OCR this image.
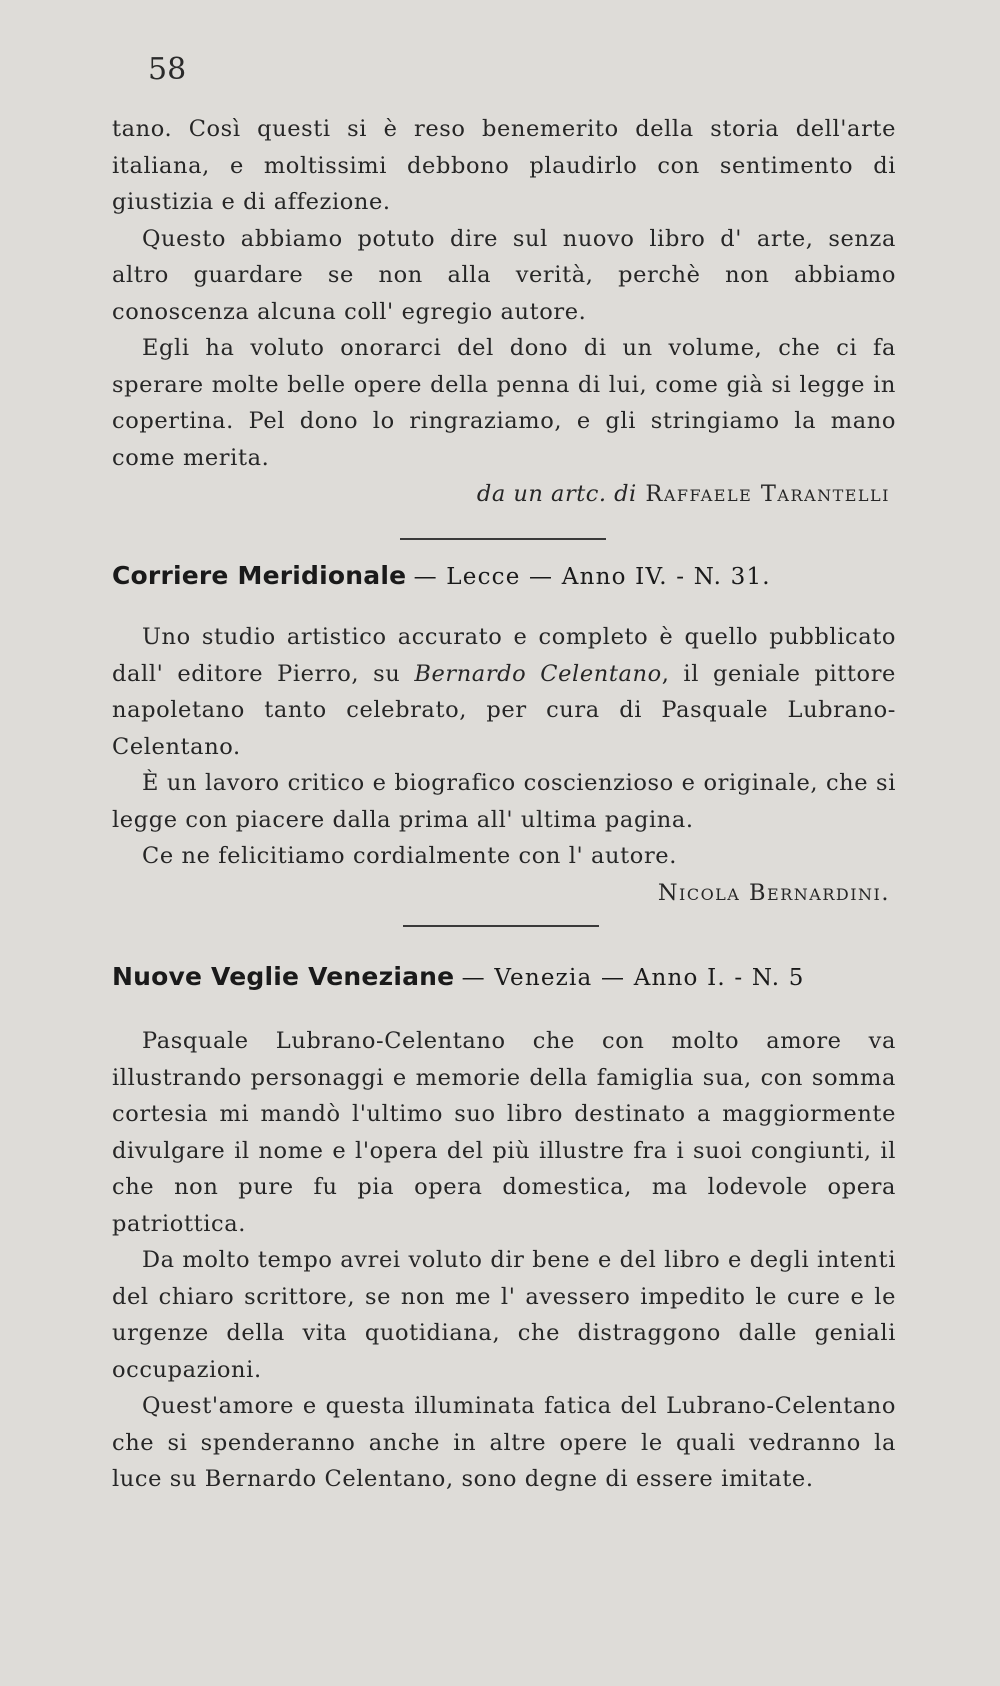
58

tano. Così questi si è reso benemerito della storia dell'arte italiana, e moltissimi debbono plaudirlo con sentimento di giustizia e di affezione.

Questo abbiamo potuto dire sul nuovo libro d' arte, senza altro guardare se non alla verità, perchè non abbiamo conoscenza alcuna coll' egregio autore.

Egli ha voluto onorarci del dono di un volume, che ci fa sperare molte belle opere della penna di lui, come già si legge in copertina. Pel dono lo ringraziamo, e gli stringiamo la mano come merita.

da un artc. di Raffaele Tarantelli

Corriere Meridionale — Lecce — Anno IV. - N. 31.

Uno studio artistico accurato e completo è quello pubblicato dall' editore Pierro, su Bernardo Celentano, il geniale pittore napoletano tanto celebrato, per cura di Pasquale Lubrano-Celentano.

È un lavoro critico e biografico coscienzioso e originale, che si legge con piacere dalla prima all' ultima pagina.

Ce ne felicitiamo cordialmente con l' autore.

Nicola Bernardini.

Nuove Veglie Veneziane — Venezia — Anno I. - N. 5

Pasquale Lubrano-Celentano che con molto amore va illustrando personaggi e memorie della famiglia sua, con somma cortesia mi mandò l'ultimo suo libro destinato a maggiormente divulgare il nome e l'opera del più illustre fra i suoi congiunti, il che non pure fu pia opera domestica, ma lodevole opera patriottica.

Da molto tempo avrei voluto dir bene e del libro e degli intenti del chiaro scrittore, se non me l' avessero impedito le cure e le urgenze della vita quotidiana, che distraggono dalle geniali occupazioni.

Quest'amore e questa illuminata fatica del Lubrano-Celentano che si spenderanno anche in altre opere le quali vedranno la luce su Bernardo Celentano, sono degne di essere imitate.
